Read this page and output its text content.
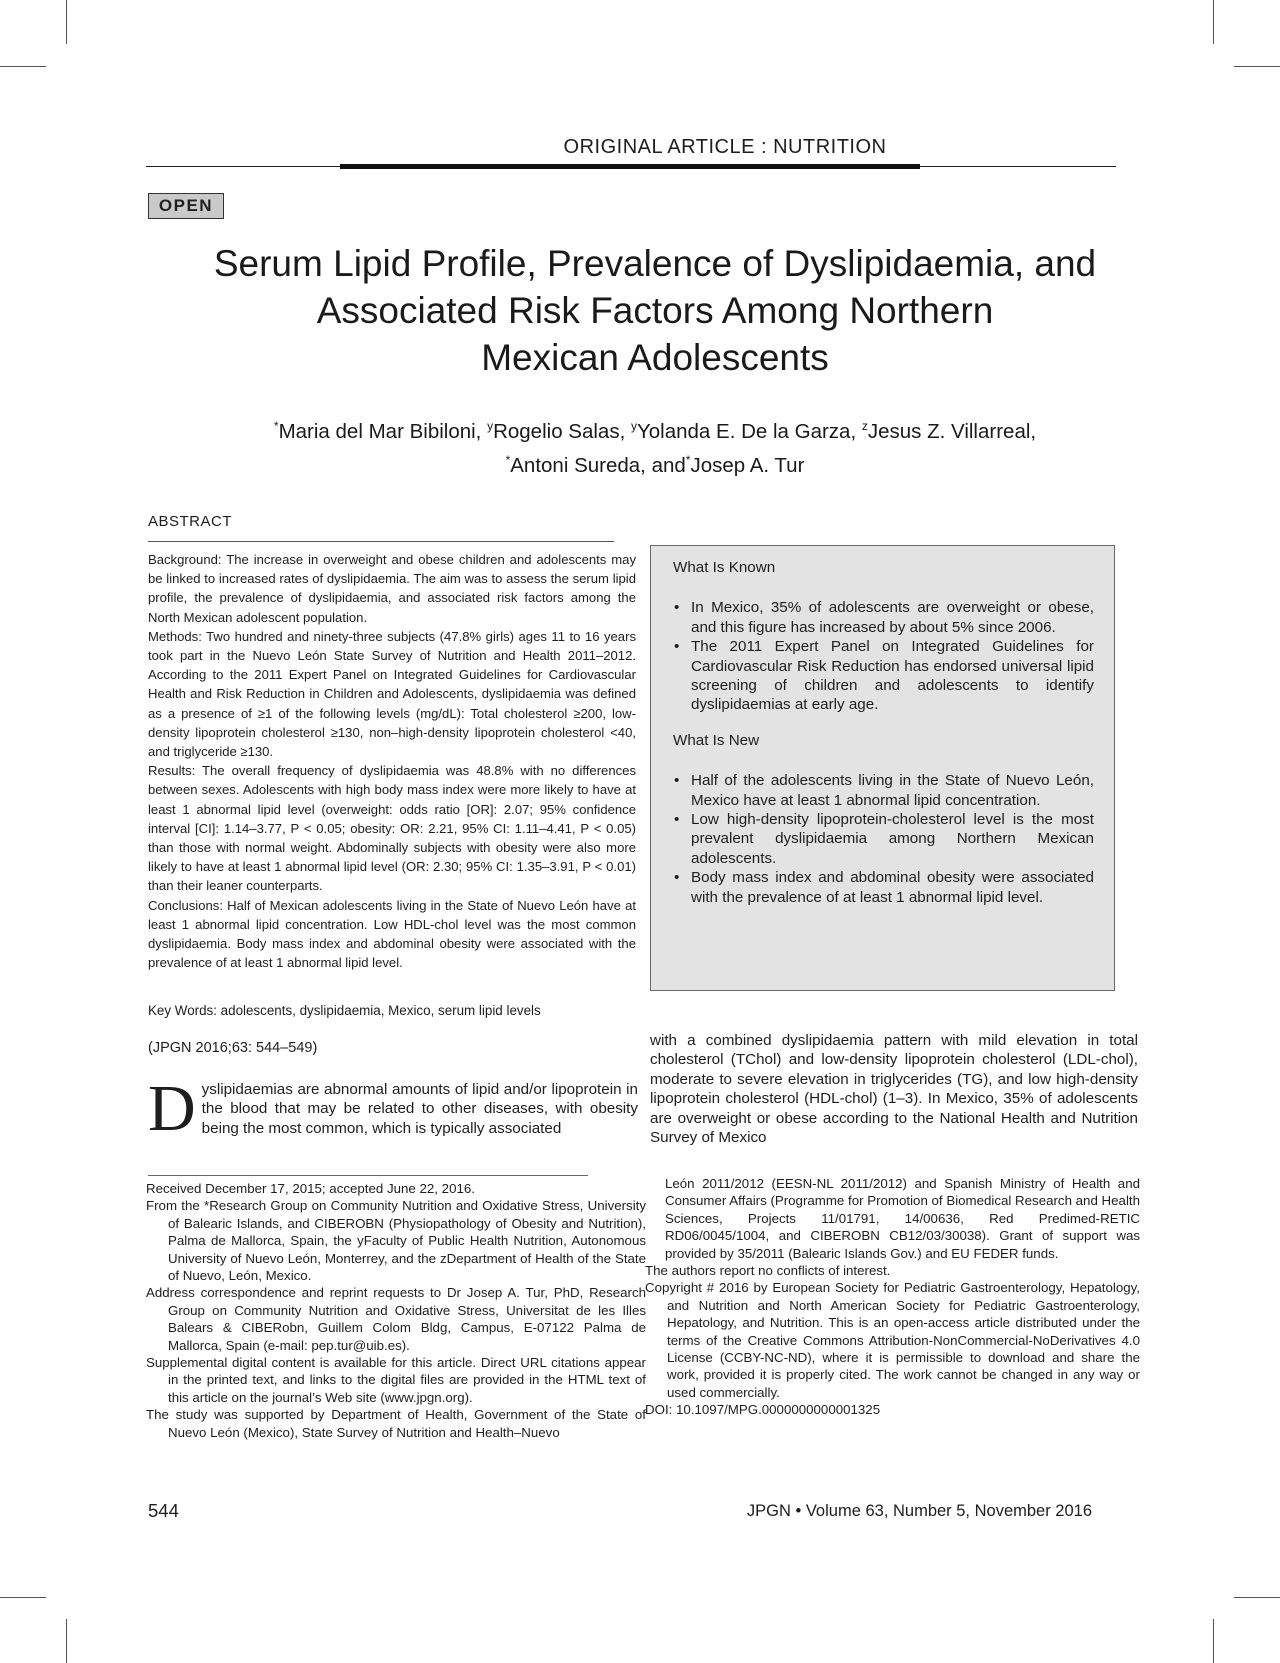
ORIGINAL ARTICLE : NUTRITION
OPEN
Serum Lipid Profile, Prevalence of Dyslipidaemia, and
Associated Risk Factors Among Northern
Mexican Adolescents
*Maria del Mar Bibiloni, $^y$Rogelio Salas, $^y$Yolanda E. De la Garza, $^z$Jesus Z. Villarreal,
*Antoni Sureda, and*Josep A. Tur
ABSTRACT

Background: The increase in overweight and obese children and adolescents may be linked to increased rates of dyslipidaemia. The aim was to assess the serum lipid profile, the prevalence of dyslipidaemia, and associated risk factors among the North Mexican adolescent population.

Methods: Two hundred and ninety-three subjects (47.8% girls) ages 11 to 16 years took part in the Nuevo León State Survey of Nutrition and Health 2011–2012. According to the 2011 Expert Panel on Integrated Guidelines for Cardiovascular Health and Risk Reduction in Children and Adolescents, dyslipidaemia was defined as a presence of ≥1 of the following levels (mg/dL): Total cholesterol ≥200, low-density lipoprotein cholesterol ≥130, non–high-density lipoprotein cholesterol <40, and triglyceride ≥130.

Results: The overall frequency of dyslipidaemia was 48.8% with no differences between sexes. Adolescents with high body mass index were more likely to have at least 1 abnormal lipid level (overweight: odds ratio [OR]: 2.07; 95% confidence interval [CI]: 1.14–3.77, P < 0.05; obesity: OR: 2.21, 95% CI: 1.11–4.41, P < 0.05) than those with normal weight. Abdominally subjects with obesity were also more likely to have at least 1 abnormal lipid level (OR: 2.30; 95% CI: 1.35–3.91, P < 0.01) than their leaner counterparts.

Conclusions: Half of Mexican adolescents living in the State of Nuevo León have at least 1 abnormal lipid concentration. Low HDL-chol level was the most common dyslipidaemia. Body mass index and abdominal obesity were associated with the prevalence of at least 1 abnormal lipid level.

Key Words: adolescents, dyslipidaemia, Mexico, serum lipid levels
(JPGN 2016;63: 544–549)
What Is Known
• In Mexico, 35% of adolescents are overweight or obese, and this figure has increased by about 5% since 2006.
• The 2011 Expert Panel on Integrated Guidelines for Cardiovascular Risk Reduction has endorsed universal lipid screening of children and adolescents to identify dyslipidaemias at early age.
What Is New
• Half of the adolescents living in the State of Nuevo León, Mexico have at least 1 abnormal lipid concentration.
• Low high-density lipoprotein-cholesterol level is the most prevalent dyslipidaemia among Northern Mexican adolescents.
• Body mass index and abdominal obesity were associated with the prevalence of at least 1 abnormal lipid level.

Dyslipidaemias are abnormal amounts of lipid and/or lipoprotein in the blood that may be related to other diseases, with obesity being the most common, which is typically associated

with a combined dyslipidaemia pattern with mild elevation in total cholesterol (TChol) and low-density lipoprotein cholesterol (LDL-chol), moderate to severe elevation in triglycerides (TG), and low high-density lipoprotein cholesterol (HDL-chol) (1–3). In Mexico, 35% of adolescents are overweight or obese according to the National Health and Nutrition Survey of Mexico

Received December 17, 2015; accepted June 22, 2016.

From the *Research Group on Community Nutrition and Oxidative Stress, University of Balearic Islands, and CIBEROBN (Physiopathology of Obesity and Nutrition), Palma de Mallorca, Spain, the yFaculty of Public Health Nutrition, Autonomous University of Nuevo León, Monterrey, and the zDepartment of Health of the State of Nuevo, León, Mexico.

Address correspondence and reprint requests to Dr Josep A. Tur, PhD, Research Group on Community Nutrition and Oxidative Stress, Universitat de les Illes Balears & CIBERobn, Guillem Colom Bldg, Campus, E-07122 Palma de Mallorca, Spain (e-mail: pep.tur@uib.es).

Supplemental digital content is available for this article. Direct URL citations appear in the printed text, and links to the digital files are provided in the HTML text of this article on the journal’s Web site (www.jpgn.org).

The study was supported by Department of Health, Government of the State of Nuevo León (Mexico), State Survey of Nutrition and Health–Nuevo

León 2011/2012 (EESN-NL 2011/2012) and Spanish Ministry of Health and Consumer Affairs (Programme for Promotion of Biomedical Research and Health Sciences, Projects 11/01791, 14/00636, Red Predimed-RETIC RD06/0045/1004, and CIBEROBN CB12/03/30038). Grant of support was provided by 35/2011 (Balearic Islands Gov.) and EU FEDER funds.

The authors report no conflicts of interest.

Copyright # 2016 by European Society for Pediatric Gastroenterology, Hepatology, and Nutrition and North American Society for Pediatric Gastroenterology, Hepatology, and Nutrition. This is an open-access article distributed under the terms of the Creative Commons Attribution-NonCommercial-NoDerivatives 4.0 License (CCBY-NC-ND), where it is permissible to download and share the work, provided it is properly cited. The work cannot be changed in any way or used commercially.

DOI: 10.1097/MPG.0000000000001325

544	JPGN • Volume 63, Number 5, November 2016
